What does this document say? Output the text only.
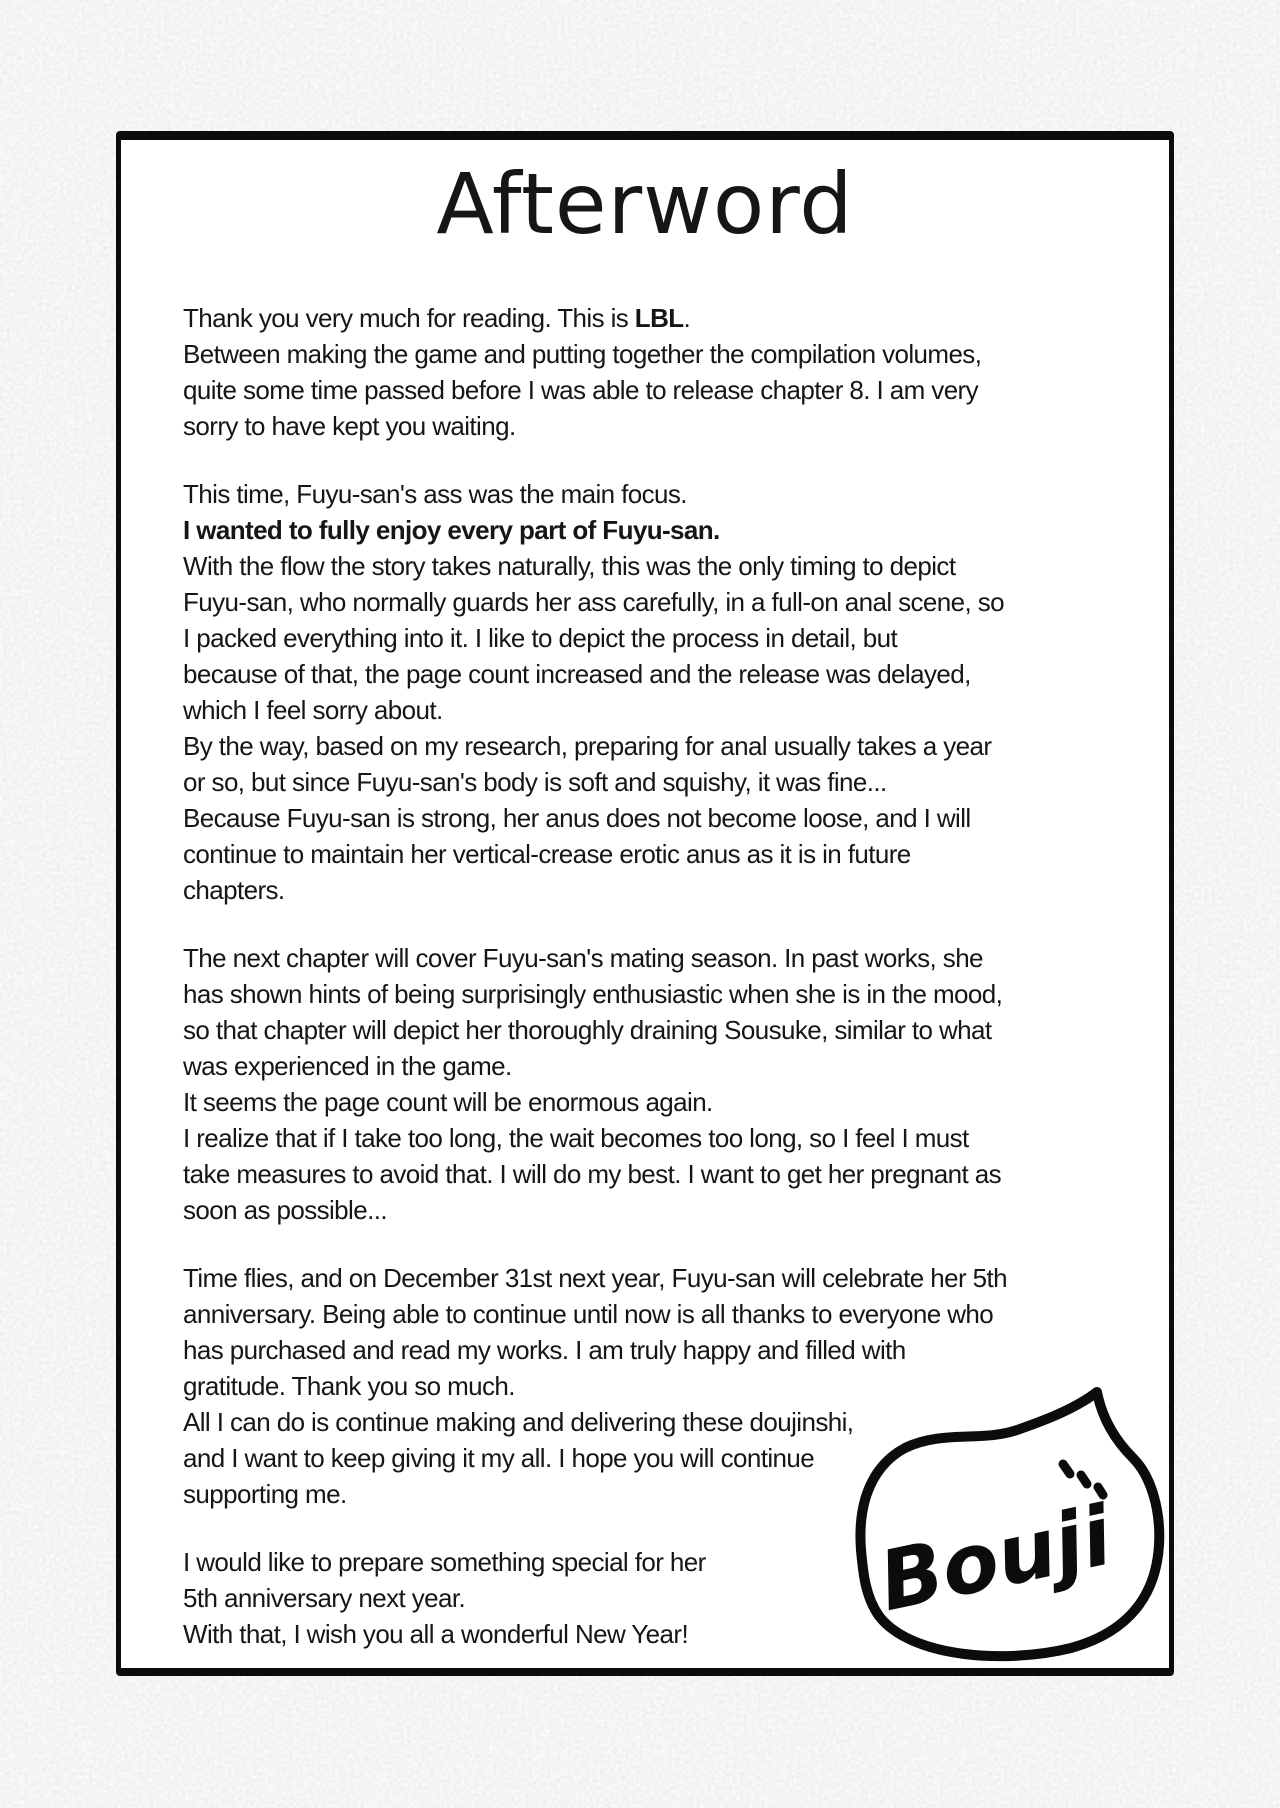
Afterword
Thank you very much for reading. This is LBL.
Between making the game and putting together the compilation volumes,
quite some time passed before I was able to release chapter 8. I am very
sorry to have kept you waiting.
This time, Fuyu-san's ass was the main focus.
I wanted to fully enjoy every part of Fuyu-san.
With the flow the story takes naturally, this was the only timing to depict
Fuyu-san, who normally guards her ass carefully, in a full-on anal scene, so
I packed everything into it. I like to depict the process in detail, but
because of that, the page count increased and the release was delayed,
which I feel sorry about.
By the way, based on my research, preparing for anal usually takes a year
or so, but since Fuyu-san's body is soft and squishy, it was fine...
Because Fuyu-san is strong, her anus does not become loose, and I will
continue to maintain her vertical-crease erotic anus as it is in future
chapters.
The next chapter will cover Fuyu-san's mating season. In past works, she
has shown hints of being surprisingly enthusiastic when she is in the mood,
so that chapter will depict her thoroughly draining Sousuke, similar to what
was experienced in the game.
It seems the page count will be enormous again.
I realize that if I take too long, the wait becomes too long, so I feel I must
take measures to avoid that. I will do my best. I want to get her pregnant as
soon as possible...
Time flies, and on December 31st next year, Fuyu-san will celebrate her 5th
anniversary. Being able to continue until now is all thanks to everyone who
has purchased and read my works. I am truly happy and filled with
gratitude. Thank you so much.
All I can do is continue making and delivering these doujinshi,
and I want to keep giving it my all. I hope you will continue
supporting me.
I would like to prepare something special for her
5th anniversary next year.
With that, I wish you all a wonderful New Year!
Bouji
